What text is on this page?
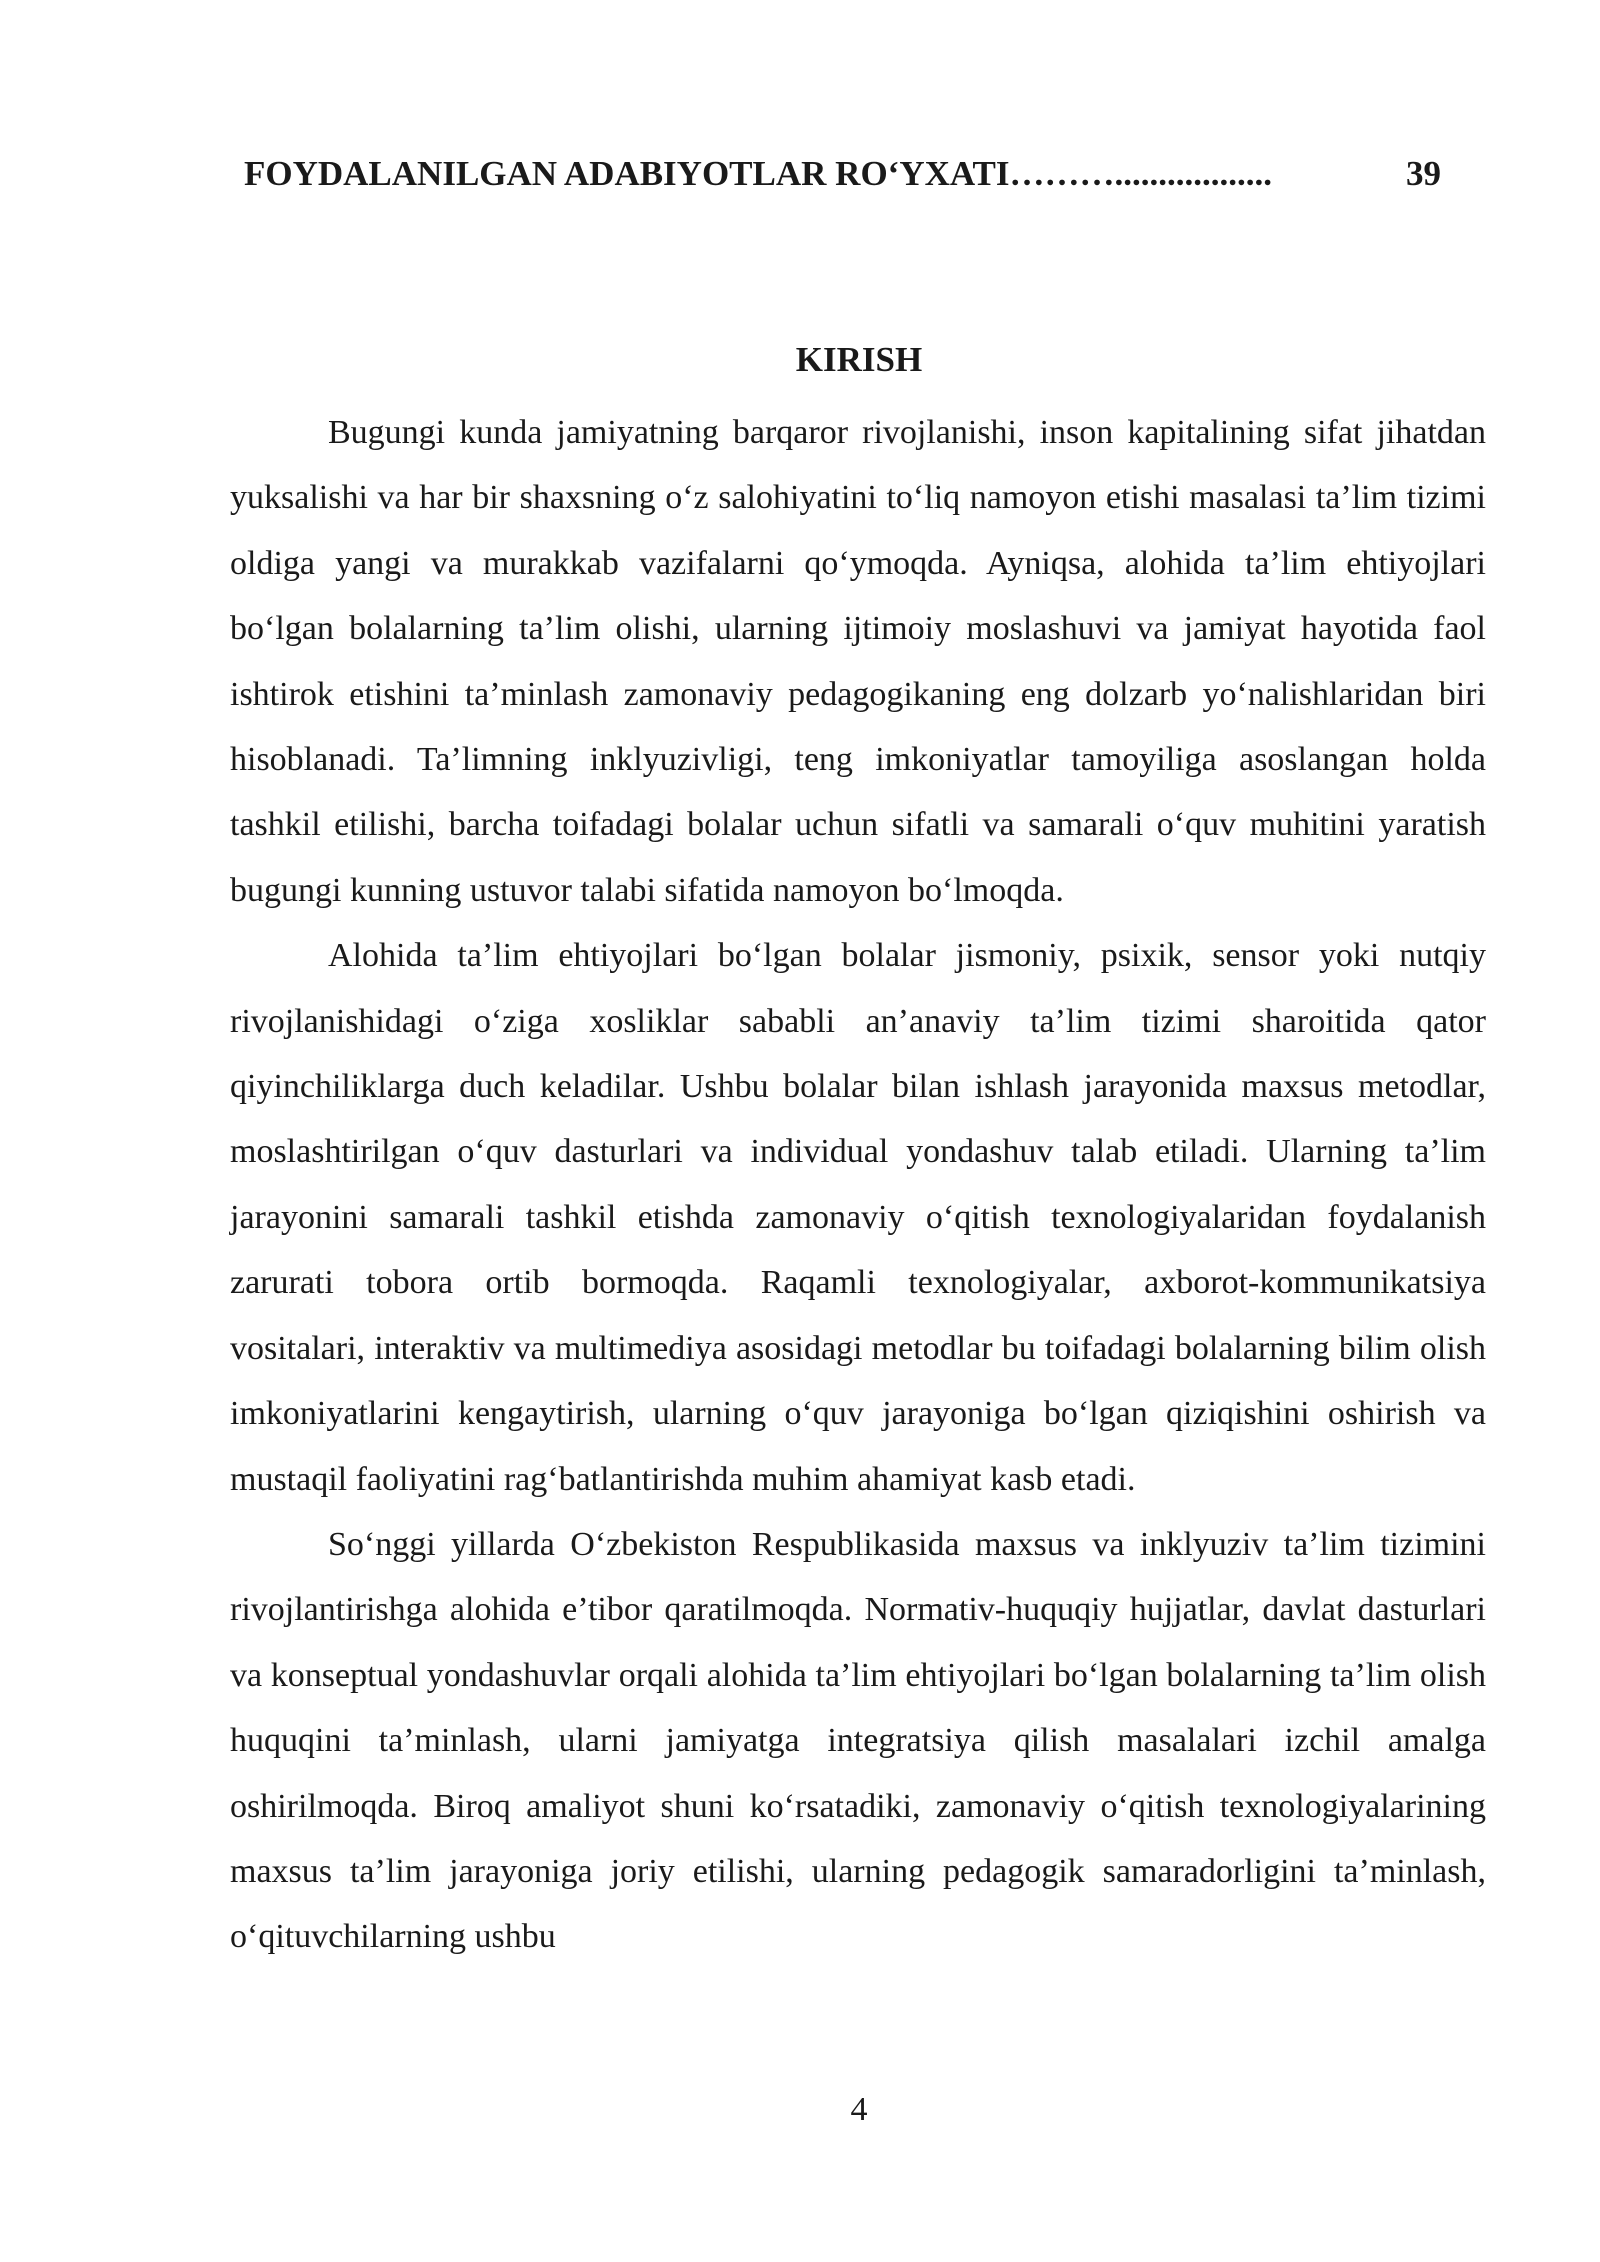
FOYDALANILGAN ADABIYOTLAR RO‘YXATI………..................	39
KIRISH

Bugungi kunda jamiyatning barqaror rivojlanishi, inson kapitalining sifat jihatdan yuksalishi va har bir shaxsning o‘z salohiyatini to‘liq namoyon etishi masalasi ta’lim tizimi oldiga yangi va murakkab vazifalarni qo‘ymoqda. Ayniqsa, alohida ta’lim ehtiyojlari bo‘lgan bolalarning ta’lim olishi, ularning ijtimoiy moslashuvi va jamiyat hayotida faol ishtirok etishini ta’minlash zamonaviy pedagogikaning eng dolzarb yo‘nalishlaridan biri hisoblanadi. Ta’limning inklyuzivligi, teng imkoniyatlar tamoyiliga asoslangan holda tashkil etilishi, barcha toifadagi bolalar uchun sifatli va samarali o‘quv muhitini yaratish bugungi kunning ustuvor talabi sifatida namoyon bo‘lmoqda.

Alohida ta’lim ehtiyojlari bo‘lgan bolalar jismoniy, psixik, sensor yoki nutqiy rivojlanishidagi o‘ziga xosliklar sababli an’anaviy ta’lim tizimi sharoitida qator qiyinchiliklarga duch keladilar. Ushbu bolalar bilan ishlash jarayonida maxsus metodlar, moslashtirilgan o‘quv dasturlari va individual yondashuv talab etiladi. Ularning ta’lim jarayonini samarali tashkil etishda zamonaviy o‘qitish texnologiyalaridan foydalanish zarurati tobora ortib bormoqda. Raqamli texnologiyalar, axborot-kommunikatsiya vositalari, interaktiv va multimediya asosidagi metodlar bu toifadagi bolalarning bilim olish imkoniyatlarini kengaytirish, ularning o‘quv jarayoniga bo‘lgan qiziqishini oshirish va mustaqil faoliyatini rag‘batlantirishda muhim ahamiyat kasb etadi.

So‘nggi yillarda O‘zbekiston Respublikasida maxsus va inklyuziv ta’lim tizimini rivojlantirishga alohida e’tibor qaratilmoqda. Normativ-huquqiy hujjatlar, davlat dasturlari va konseptual yondashuvlar orqali alohida ta’lim ehtiyojlari bo‘lgan bolalarning ta’lim olish huquqini ta’minlash, ularni jamiyatga integratsiya qilish masalalari izchil amalga oshirilmoqda. Biroq amaliyot shuni ko‘rsatadiki, zamonaviy o‘qitish texnologiyalarining maxsus ta’lim jarayoniga joriy etilishi, ularning pedagogik samaradorligini ta’minlash, o‘qituvchilarning ushbu

4
